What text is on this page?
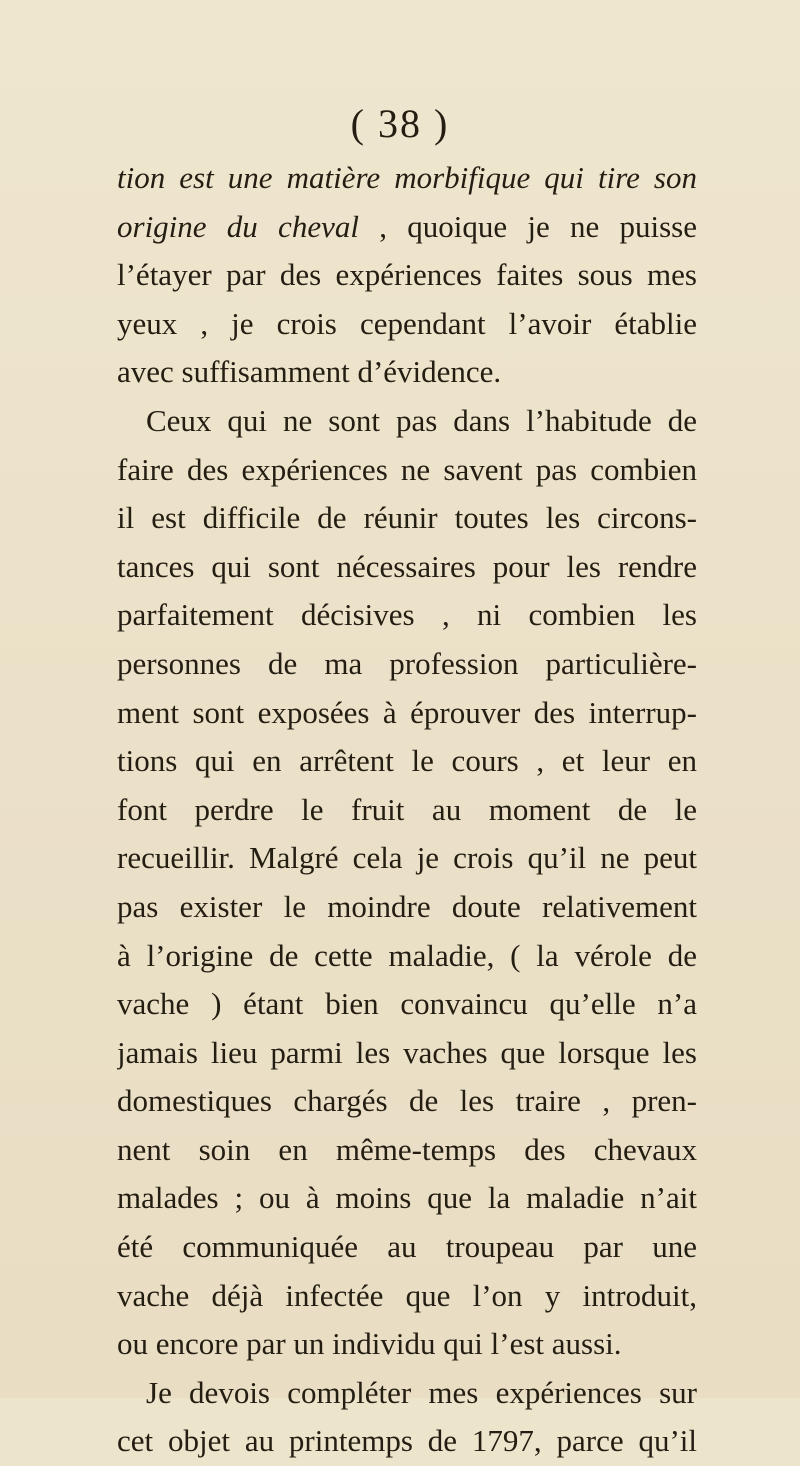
( 38 )
tion est une matière morbifique qui tire son
origine du cheval , quoique je ne puisse
l’étayer par des expériences faites sous mes
yeux , je crois cependant l’avoir établie
avec suffisamment d’évidence.
Ceux qui ne sont pas dans l’habitude de
faire des expériences ne savent pas combien
il est difficile de réunir toutes les circons-
tances qui sont nécessaires pour les rendre
parfaitement décisives , ni combien les
personnes de ma profession particulière-
ment sont exposées à éprouver des interrup-
tions qui en arrêtent le cours , et leur en
font perdre le fruit au moment de le
recueillir. Malgré cela je crois qu’il ne peut
pas exister le moindre doute relativement
à l’origine de cette maladie, ( la vérole de
vache ) étant bien convaincu qu’elle n’a
jamais lieu parmi les vaches que lorsque les
domestiques chargés de les traire , pren-
nent soin en même-temps des chevaux
malades ; ou à moins que la maladie n’ait
été communiquée au troupeau par une
vache déjà infectée que l’on y introduit,
ou encore par un individu qui l’est aussi.
Je devois compléter mes expériences sur
cet objet au printemps de 1797, parce qu’il
